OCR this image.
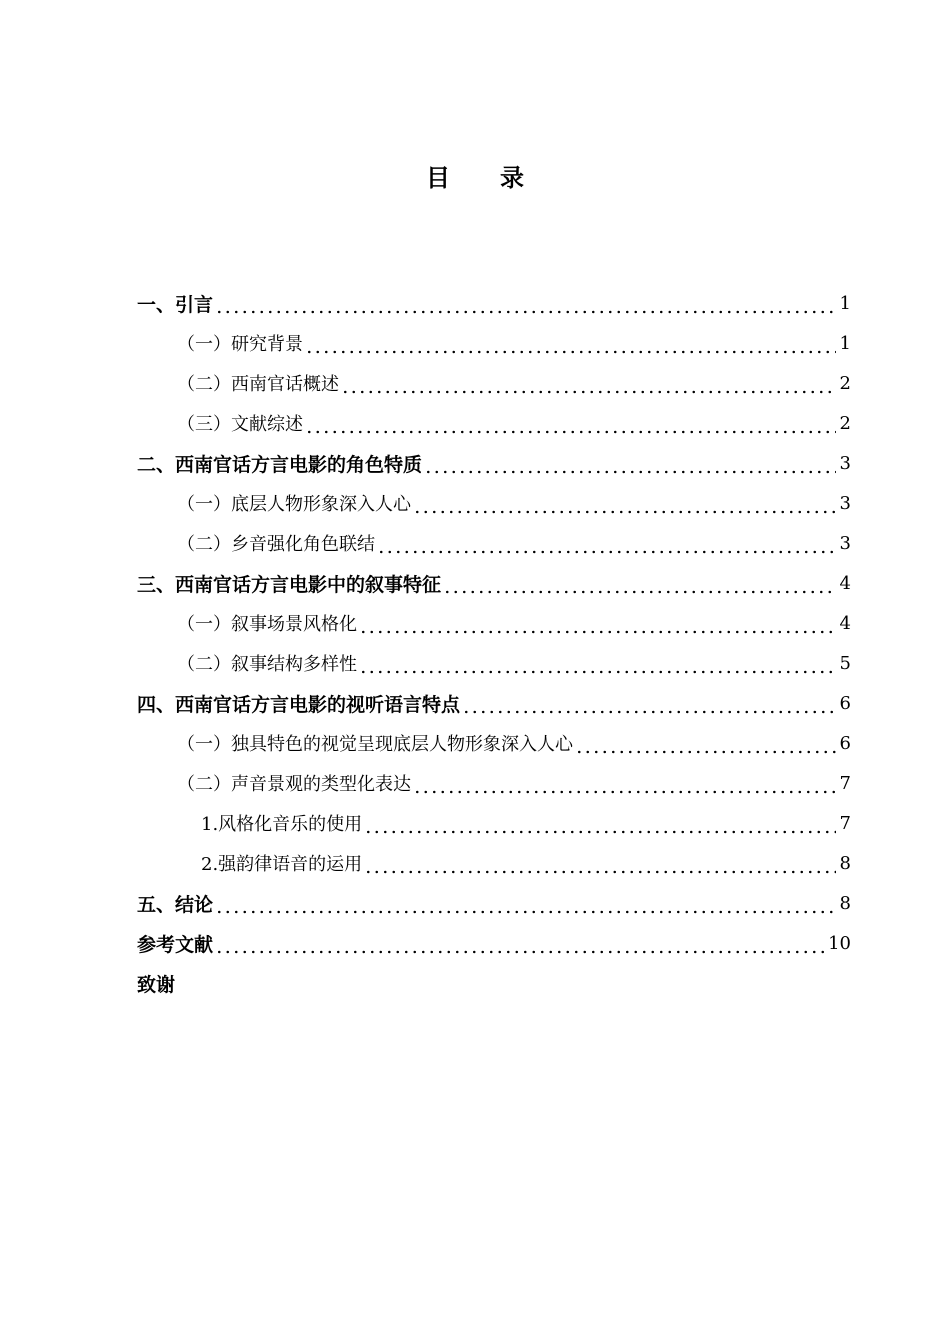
目 录
一、引言	1
（一）研究背景	1
（二）西南官话概述	2
（三）文献综述	2
二、西南官话方言电影的角色特质	3
（一）底层人物形象深入人心	3
（二）乡音强化角色联结	3
三、西南官话方言电影中的叙事特征	4
（一）叙事场景风格化	4
（二）叙事结构多样性	5
四、西南官话方言电影的视听语言特点	6
（一）独具特色的视觉呈现底层人物形象深入人心	6
（二）声音景观的类型化表达	7
1.风格化音乐的使用	7
2.强韵律语音的运用	8
五、结论	8
参考文献	10
致谢
